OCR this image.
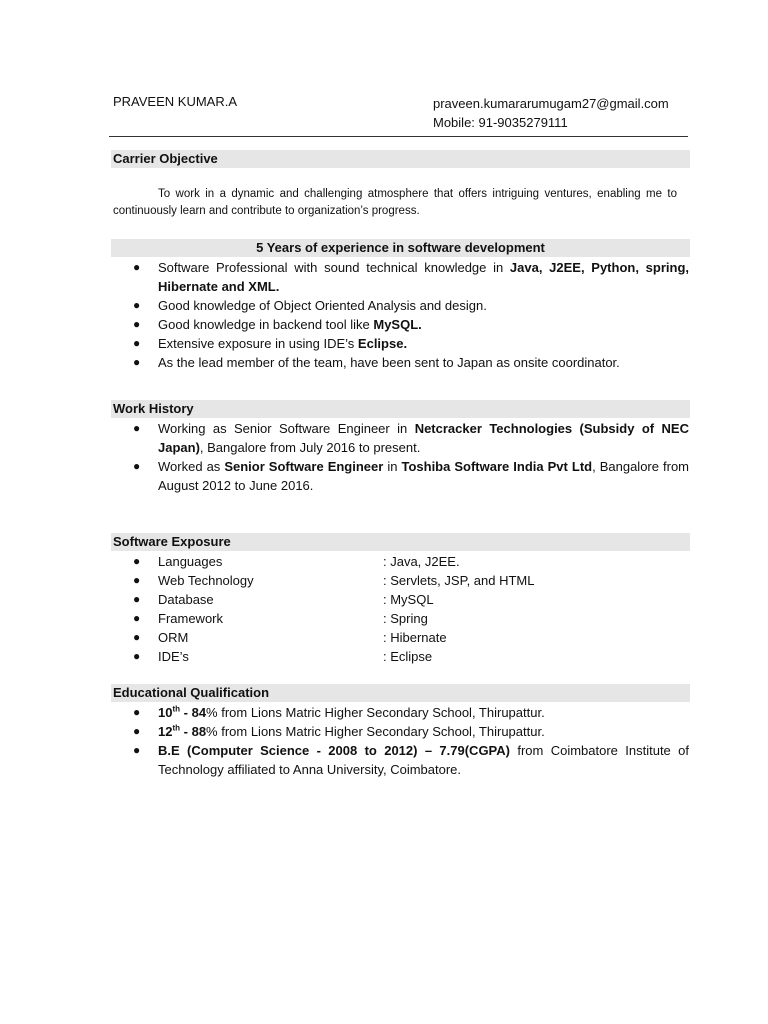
PRAVEEN KUMAR.A	praveen.kumararumugam27@gmail.com
Mobile: 91-9035279111
Carrier Objective
To work in a dynamic and challenging atmosphere that offers intriguing ventures, enabling me to continuously learn and contribute to organization’s progress.
5 Years of experience in software development
● Software Professional with sound technical knowledge in Java, J2EE, Python, spring, Hibernate and XML.
● Good knowledge of Object Oriented Analysis and design.
● Good knowledge in backend tool like MySQL.
● Extensive exposure in using IDE’s Eclipse.
● As the lead member of the team, have been sent to Japan as onsite coordinator.
Work History
● Working as Senior Software Engineer in Netcracker Technologies (Subsidy of NEC Japan), Bangalore from July 2016 to present.
● Worked as Senior Software Engineer in Toshiba Software India Pvt Ltd, Bangalore from August 2012 to June 2016.
Software Exposure
● Languages	: Java, J2EE.
● Web Technology	: Servlets, JSP, and HTML
● Database	: MySQL
● Framework	: Spring
● ORM	: Hibernate
● IDE’s	: Eclipse
Educational Qualification
● 10th - 84% from Lions Matric Higher Secondary School, Thirupattur.
● 12th - 88% from Lions Matric Higher Secondary School, Thirupattur.
● B.E (Computer Science - 2008 to 2012) – 7.79(CGPA) from Coimbatore Institute of Technology affiliated to Anna University, Coimbatore.
